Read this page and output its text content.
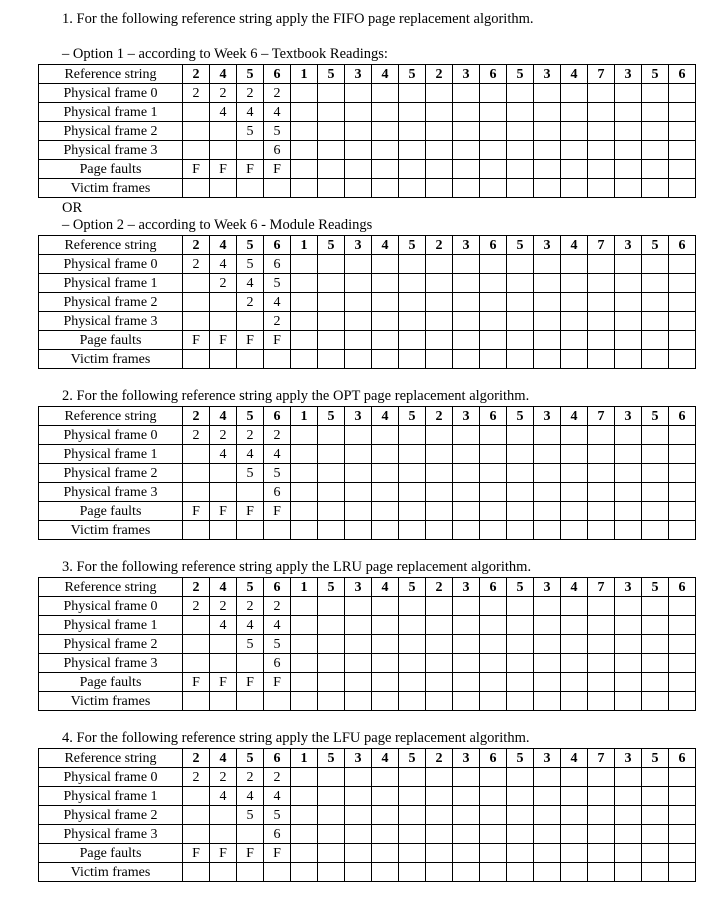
1. For the following reference string apply the FIFO page replacement algorithm.
– Option 1 – according to Week 6 – Textbook Readings:
Reference string	2	4	5	6	1	5	3	4	5	2	3	6	5	3	4	7	3	5	6
Physical frame 0	2	2	2	2															
Physical frame 1		4	4	4															
Physical frame 2			5	5															
Physical frame 3				6															
Page faults	F	F	F	F															
Victim frames																			
OR
– Option 2 – according to Week 6 - Module Readings
Reference string	2	4	5	6	1	5	3	4	5	2	3	6	5	3	4	7	3	5	6
Physical frame 0	2	4	5	6															
Physical frame 1		2	4	5															
Physical frame 2			2	4															
Physical frame 3				2															
Page faults	F	F	F	F															
Victim frames																			
2. For the following reference string apply the OPT page replacement algorithm.
Reference string	2	4	5	6	1	5	3	4	5	2	3	6	5	3	4	7	3	5	6
Physical frame 0	2	2	2	2															
Physical frame 1		4	4	4															
Physical frame 2			5	5															
Physical frame 3				6															
Page faults	F	F	F	F															
Victim frames																			
3. For the following reference string apply the LRU page replacement algorithm.
Reference string	2	4	5	6	1	5	3	4	5	2	3	6	5	3	4	7	3	5	6
Physical frame 0	2	2	2	2															
Physical frame 1		4	4	4															
Physical frame 2			5	5															
Physical frame 3				6															
Page faults	F	F	F	F															
Victim frames																			
4. For the following reference string apply the LFU page replacement algorithm.
Reference string	2	4	5	6	1	5	3	4	5	2	3	6	5	3	4	7	3	5	6
Physical frame 0	2	2	2	2															
Physical frame 1		4	4	4															
Physical frame 2			5	5															
Physical frame 3				6															
Page faults	F	F	F	F															
Victim frames																			
